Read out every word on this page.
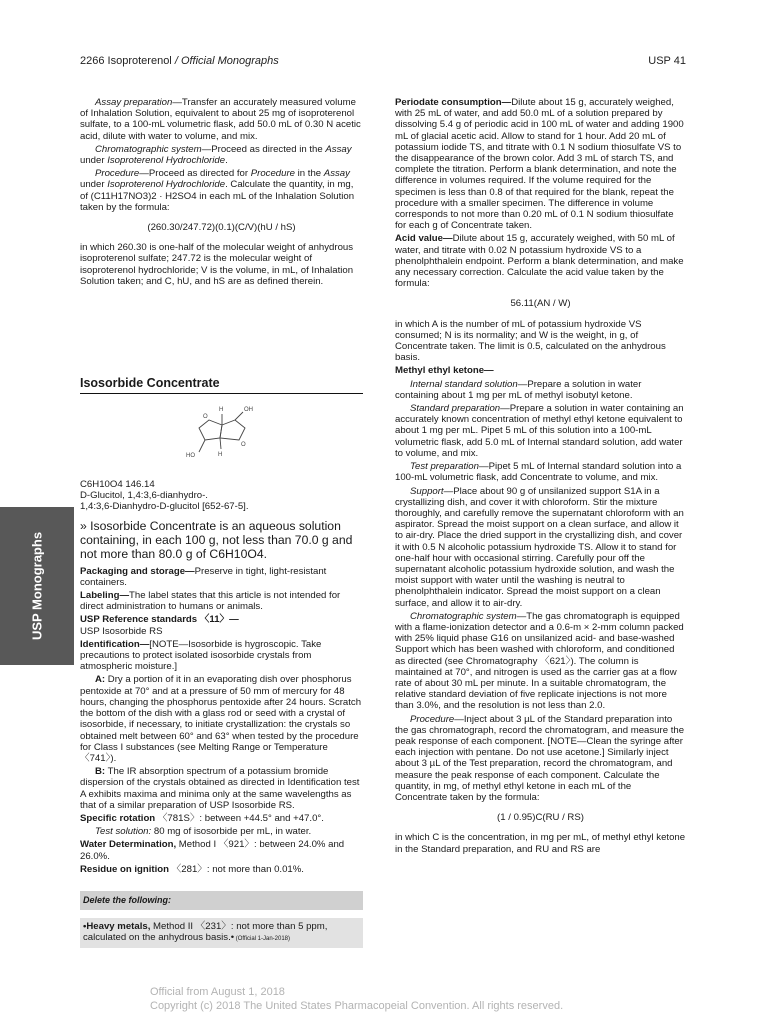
2266 Isoproterenol / Official Monographs	USP 41
USP Monographs

Assay preparation—Transfer an accurately measured volume of Inhalation Solution, equivalent to about 25 mg of isoproterenol sulfate, to a 100-mL volumetric flask, add 50.0 mL of 0.30 N acetic acid, dilute with water to volume, and mix.

Chromatographic system—Proceed as directed in the Assay under Isoproterenol Hydrochloride.

Procedure—Proceed as directed for Procedure in the Assay under Isoproterenol Hydrochloride. Calculate the quantity, in mg, of (C11H17NO3)2 · H2SO4 in each mL of the Inhalation Solution taken by the formula:

(260.30/247.72)(0.1)(C/V)(hU / hS)

in which 260.30 is one-half of the molecular weight of anhydrous isoproterenol sulfate; 247.72 is the molecular weight of isoproterenol hydrochloride; V is the volume, in mL, of Inhalation Solution taken; and C, hU, and hS are as defined therein.

Isosorbide Concentrate
H	OH
H
HO
O
O

C6H10O4 146.14

D-Glucitol, 1,4:3,6-dianhydro-.

1,4:3,6-Dianhydro-D-glucitol [652-67-5].

» Isosorbide Concentrate is an aqueous solution containing, in each 100 g, not less than 70.0 g and not more than 80.0 g of C6H10O4.

Packaging and storage—Preserve in tight, light-resistant containers.

Labeling—The label states that this article is not intended for direct administration to humans or animals.

USP Reference standards 〈11〉—
USP Isosorbide RS

Identification—[NOTE—Isosorbide is hygroscopic. Take precautions to protect isolated isosorbide crystals from atmospheric moisture.]

A: Dry a portion of it in an evaporating dish over phosphorus pentoxide at 70° and at a pressure of 50 mm of mercury for 48 hours, changing the phosphorus pentoxide after 24 hours. Scratch the bottom of the dish with a glass rod or seed with a crystal of isosorbide, if necessary, to initiate crystallization: the crystals so obtained melt between 60° and 63° when tested by the procedure for Class I substances (see Melting Range or Temperature 〈741〉).

B: The IR absorption spectrum of a potassium bromide dispersion of the crystals obtained as directed in Identification test A exhibits maxima and minima only at the same wavelengths as that of a similar preparation of USP Isosorbide RS.

Specific rotation 〈781S〉: between +44.5° and +47.0°.

Test solution: 80 mg of isosorbide per mL, in water.

Water Determination, Method I 〈921〉: between 24.0% and 26.0%.

Residue on ignition 〈281〉: not more than 0.01%.

Delete the following:
•Heavy metals, Method II 〈231〉: not more than 5 ppm, calculated on the anhydrous basis.• (Official 1-Jan-2018)

Periodate consumption—Dilute about 15 g, accurately weighed, with 25 mL of water, and add 50.0 mL of a solution prepared by dissolving 5.4 g of periodic acid in 100 mL of water and adding 1900 mL of glacial acetic acid. Allow to stand for 1 hour. Add 20 mL of potassium iodide TS, and titrate with 0.1 N sodium thiosulfate VS to the disappearance of the brown color. Add 3 mL of starch TS, and complete the titration. Perform a blank determination, and note the difference in volumes required. If the volume required for the specimen is less than 0.8 of that required for the blank, repeat the procedure with a smaller specimen. The difference in volume corresponds to not more than 0.20 mL of 0.1 N sodium thiosulfate for each g of Concentrate taken.

Acid value—Dilute about 15 g, accurately weighed, with 50 mL of water, and titrate with 0.02 N potassium hydroxide VS to a phenolphthalein endpoint. Perform a blank determination, and make any necessary correction. Calculate the acid value taken by the formula:

56.11(AN / W)

in which A is the number of mL of potassium hydroxide VS consumed; N is its normality; and W is the weight, in g, of Concentrate taken. The limit is 0.5, calculated on the anhydrous basis.

Methyl ethyl ketone—

Internal standard solution—Prepare a solution in water containing about 1 mg per mL of methyl isobutyl ketone.

Standard preparation—Prepare a solution in water containing an accurately known concentration of methyl ethyl ketone equivalent to about 1 mg per mL. Pipet 5 mL of this solution into a 100-mL volumetric flask, add 5.0 mL of Internal standard solution, add water to volume, and mix.

Test preparation—Pipet 5 mL of Internal standard solution into a 100-mL volumetric flask, add Concentrate to volume, and mix.

Support—Place about 90 g of unsilanized support S1A in a crystallizing dish, and cover it with chloroform. Stir the mixture thoroughly, and carefully remove the supernatant chloroform with an aspirator. Spread the moist support on a clean surface, and allow it to air-dry. Place the dried support in the crystallizing dish, and cover it with 0.5 N alcoholic potassium hydroxide TS. Allow it to stand for one-half hour with occasional stirring. Carefully pour off the supernatant alcoholic potassium hydroxide solution, and wash the moist support with water until the washing is neutral to phenolphthalein indicator. Spread the moist support on a clean surface, and allow it to air-dry.

Chromatographic system—The gas chromatograph is equipped with a flame-ionization detector and a 0.6-m × 2-mm column packed with 25% liquid phase G16 on unsilanized acid- and base-washed Support which has been washed with chloroform, and conditioned as directed (see Chromatography 〈621〉). The column is maintained at 70°, and nitrogen is used as the carrier gas at a flow rate of about 30 mL per minute. In a suitable chromatogram, the relative standard deviation of five replicate injections is not more than 3.0%, and the resolution is not less than 2.0.

Procedure—Inject about 3 µL of the Standard preparation into the gas chromatograph, record the chromatogram, and measure the peak response of each component. [NOTE—Clean the syringe after each injection with pentane. Do not use acetone.] Similarly inject about 3 µL of the Test preparation, record the chromatogram, and measure the peak response of each component. Calculate the quantity, in mg, of methyl ethyl ketone in each mL of the Concentrate taken by the formula:

(1 / 0.95)C(RU / RS)

in which C is the concentration, in mg per mL, of methyl ethyl ketone in the Standard preparation, and RU and RS are

Official from August 1, 2018
Copyright (c) 2018 The United States Pharmacopeial Convention. All rights reserved.
